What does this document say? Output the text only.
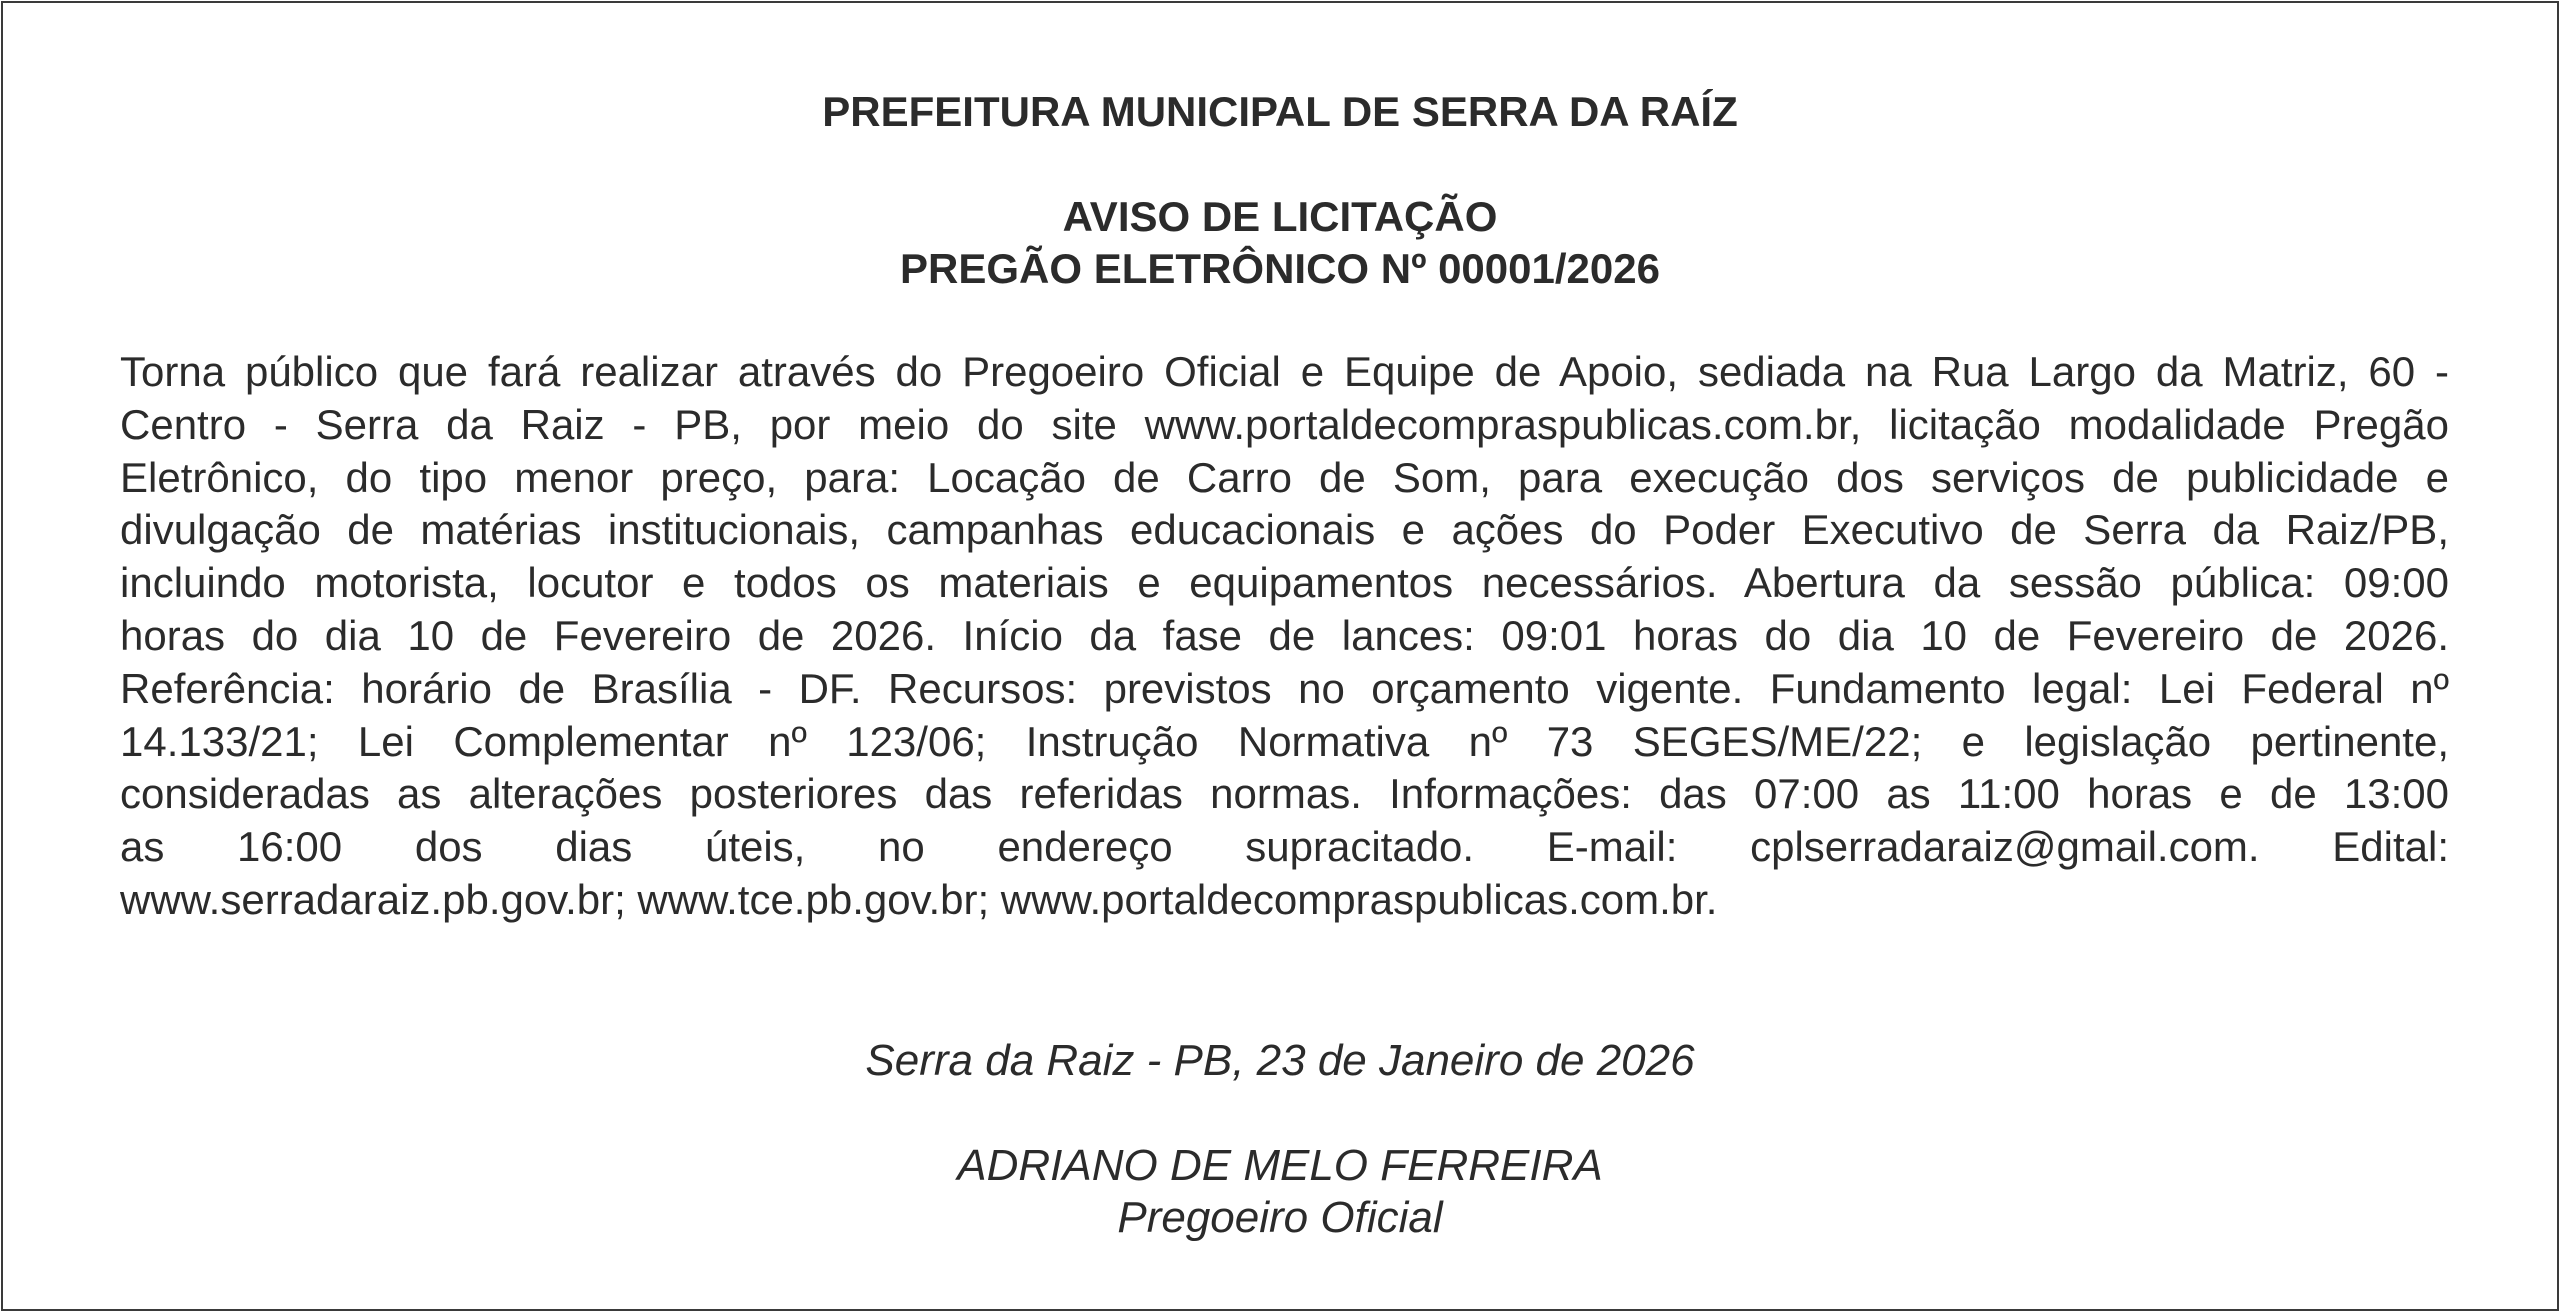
PREFEITURA MUNICIPAL DE SERRA DA RAÍZ
AVISO DE LICITAÇÃO
PREGÃO ELETRÔNICO Nº 00001/2026
Torna público que fará realizar através do Pregoeiro Oficial e Equipe de Apoio, sediada na Rua Largo da Matriz, 60 -
Centro - Serra da Raiz - PB, por meio do site www.portaldecompraspublicas.com.br, licitação modalidade Pregão
Eletrônico, do tipo menor preço, para: Locação de Carro de Som, para execução dos serviços de publicidade e
divulgação de matérias institucionais, campanhas educacionais e ações do Poder Executivo de Serra da Raiz/PB,
incluindo motorista, locutor e todos os materiais e equipamentos necessários. Abertura da sessão pública: 09:00
horas do dia 10 de Fevereiro de 2026. Início da fase de lances: 09:01 horas do dia 10 de Fevereiro de 2026.
Referência: horário de Brasília - DF. Recursos: previstos no orçamento vigente. Fundamento legal: Lei Federal nº
14.133/21; Lei Complementar nº 123/06; Instrução Normativa nº 73 SEGES/ME/22; e legislação pertinente,
consideradas as alterações posteriores das referidas normas. Informações: das 07:00 as 11:00 horas e de 13:00
as 16:00 dos dias úteis, no endereço supracitado. E-mail: cplserradaraiz@gmail.com. Edital:
www.serradaraiz.pb.gov.br; www.tce.pb.gov.br; www.portaldecompraspublicas.com.br.
Serra da Raiz - PB, 23 de Janeiro de 2026
ADRIANO DE MELO FERREIRA
Pregoeiro Oficial
